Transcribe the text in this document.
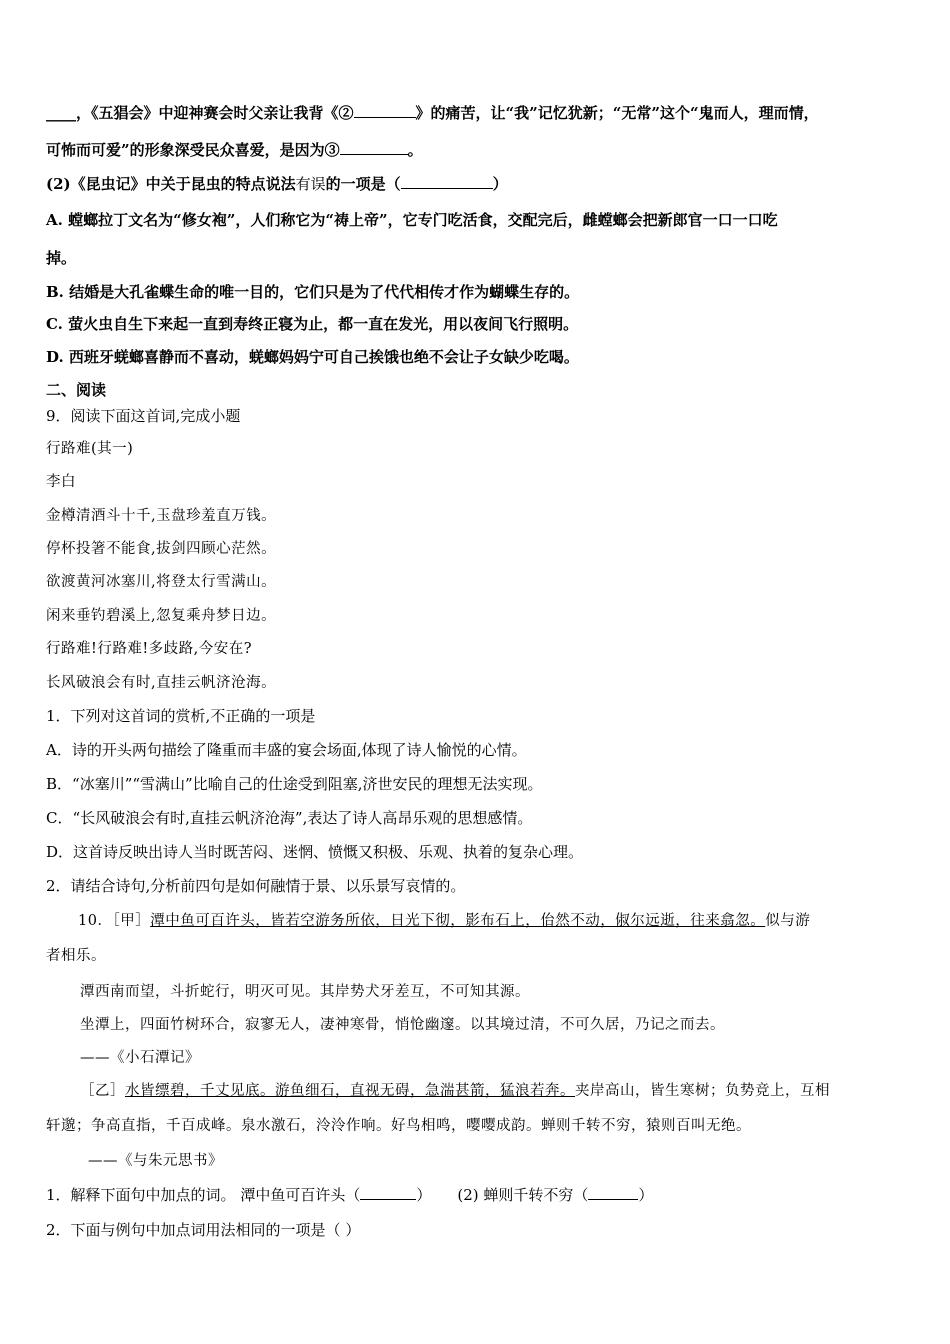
____，《五猖会》中迎神赛会时父亲让我背《②	》的痛苦，让“我”记忆犹新；“无常”这个“鬼而人，理而情，
可怖而可爱”的形象深受民众喜爱，是因为③	。
(2)《昆虫记》中关于昆虫的特点说法有误的一项是（	）
A. 螳螂拉丁文名为“修女袍”，人们称它为“祷上帝”，它专门吃活食，交配完后，雌螳螂会把新郎官一口一口吃
掉。
B. 结婚是大孔雀蝶生命的唯一目的，它们只是为了代代相传才作为蝴蝶生存的。
C. 萤火虫自生下来起一直到寿终正寝为止，都一直在发光，用以夜间飞行照明。
D. 西班牙蜣螂喜静而不喜动，蜣螂妈妈宁可自己挨饿也绝不会让子女缺少吃喝。
二、阅读
9．阅读下面这首词,完成小题
行路难(其一)
李白
金樽清酒斗十千,玉盘珍羞直万钱。
停杯投箸不能食,拔剑四顾心茫然。
欲渡黄河冰塞川,将登太行雪满山。
闲来垂钓碧溪上,忽复乘舟梦日边。
行路难!行路难!多歧路,今安在?
长风破浪会有时,直挂云帆济沧海。
1．下列对这首词的赏析,不正确的一项是
A．诗的开头两句描绘了隆重而丰盛的宴会场面,体现了诗人愉悦的心情。
B．“冰塞川”“雪满山”比喻自己的仕途受到阻塞,济世安民的理想无法实现。
C．“长风破浪会有时,直挂云帆济沧海”,表达了诗人高昂乐观的思想感情。
D．这首诗反映出诗人当时既苦闷、迷惘、愤慨又积极、乐观、执着的复杂心理。
2．请结合诗句,分析前四句是如何融情于景、以乐景写哀情的。
10．［甲］潭中鱼可百许头，皆若空游务所依，日光下彻，影布石上，佁然不动，俶尔远逝，往来翕忽。似与游
者相乐。
潭西南而望，斗折蛇行，明灭可见。其岸势犬牙差互，不可知其源。
坐潭上，四面竹树环合，寂寥无人，凄神寒骨，悄怆幽邃。以其境过清，不可久居，乃记之而去。
——《小石潭记》
［乙］水皆缥碧，千丈见底。游鱼细石，直视无碍，急湍甚箭，猛浪若奔。夹岸高山，皆生寒树；负势竞上，互相
轩邈；争高直指，千百成峰。泉水激石，泠泠作响。好鸟相鸣，嘤嘤成韵。蝉则千转不穷，猿则百叫无绝。
——《与朱元思书》
1．解释下面句中加点的词。 潭中鱼可百许头（	） (2) 蝉则千转不穷（	）
2．下面与例句中加点词用法相同的一项是（ ）
